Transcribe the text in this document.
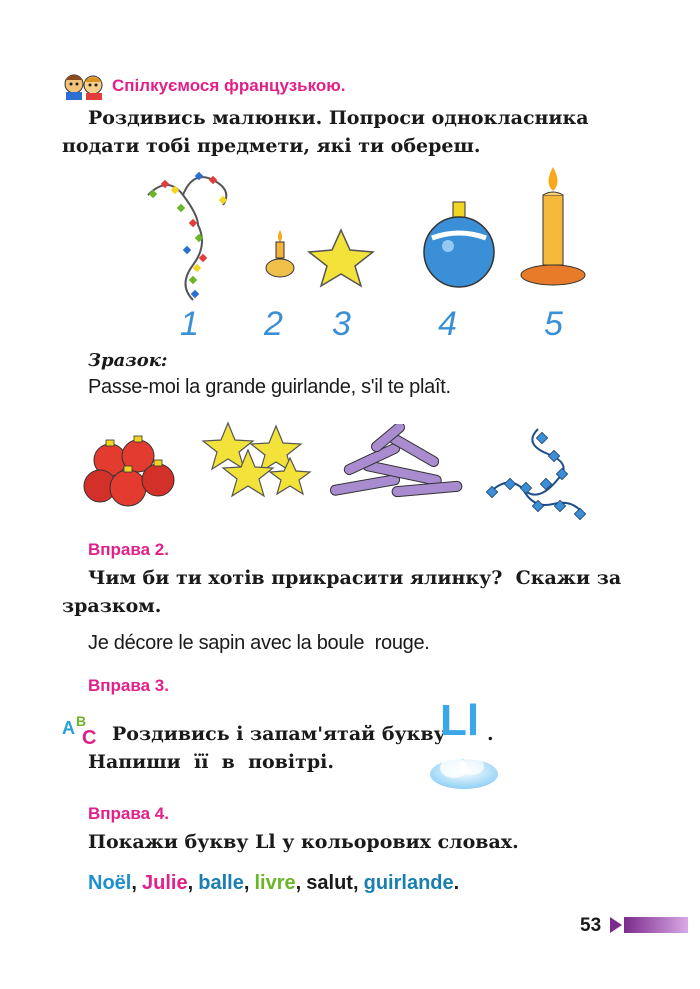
Спілкуємося французькою.
Роздивись малюнки. Попроси однокласника
подати тобі предмети, які ти обереш.
1 2 3	4	5
Зразок:
Passe-moi la grande guirlande, s'il te plaît.
Вправа 2.
Чим би ти хотів прикрасити ялинку?  Скажи за
зразком.
Je décore le sapin avec la boule  rouge.
Вправа 3.
A B
C Роздивись і запам'ятай букву
Ll .
Напиши  її  в  повітрі.
Вправа 4.
Покажи букву Ll у кольорових словах.
Noël, Julie, balle, livre, salut, guirlande.
53
